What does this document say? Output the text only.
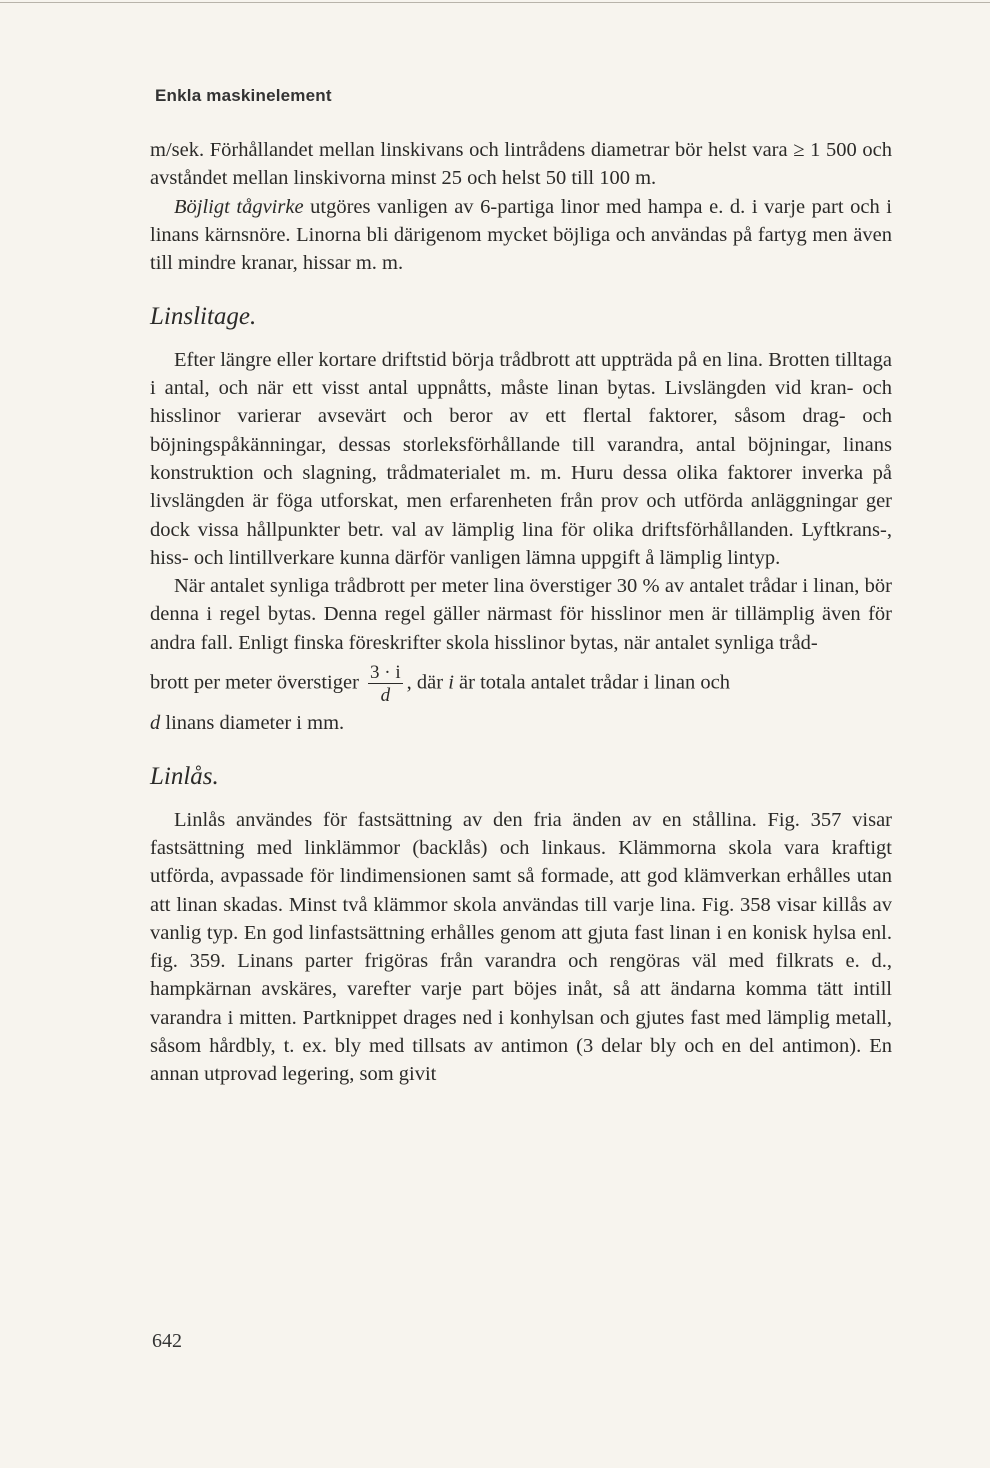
Enkla maskinelement

m/sek. Förhållandet mellan linskivans och lintrådens diametrar bör helst vara ≥ 1 500 och avståndet mellan linskivorna minst 25 och helst 50 till 100 m.

Böjligt tågvirke utgöres vanligen av 6-partiga linor med hampa e. d. i varje part och i linans kärnsnöre. Linorna bli därigenom mycket böjliga och användas på fartyg men även till mindre kranar, hissar m. m.

Linslitage.

Efter längre eller kortare driftstid börja trådbrott att uppträda på en lina. Brotten tilltaga i antal, och när ett visst antal uppnåtts, måste linan bytas. Livslängden vid kran- och hisslinor varierar avsevärt och beror av ett flertal faktorer, såsom drag- och böjningspåkänningar, dessas storleksförhållande till varandra, antal böjningar, linans konstruktion och slagning, trådmaterialet m. m. Huru dessa olika faktorer inverka på livslängden är föga utforskat, men erfarenheten från prov och utförda anläggningar ger dock vissa hållpunkter betr. val av lämplig lina för olika driftsförhållanden. Lyftkrans-, hiss- och lintillverkare kunna därför vanligen lämna uppgift å lämplig lintyp.

När antalet synliga trådbrott per meter lina överstiger 30 % av antalet trådar i linan, bör denna i regel bytas. Denna regel gäller närmast för hisslinor men är tillämplig även för andra fall. Enligt finska föreskrifter skola hisslinor bytas, när antalet synliga tråd-

brott per meter överstiger $\frac{3 \cdot i}{d}$ , där i är totala antalet trådar i linan och

d linans diameter i mm.

Linlås.

Linlås användes för fastsättning av den fria änden av en stållina. Fig. 357 visar fastsättning med linklämmor (backlås) och linkaus. Klämmorna skola vara kraftigt utförda, avpassade för lindimensionen samt så formade, att god klämverkan erhålles utan att linan skadas. Minst två klämmor skola användas till varje lina. Fig. 358 visar killås av vanlig typ. En god linfastsättning erhålles genom att gjuta fast linan i en konisk hylsa enl. fig. 359. Linans parter frigöras från varandra och rengöras väl med filkrats e. d., hampkärnan avskäres, varefter varje part böjes inåt, så att ändarna komma tätt intill varandra i mitten. Partknippet drages ned i konhylsan och gjutes fast med lämplig metall, såsom hårdbly, t. ex. bly med tillsats av antimon (3 delar bly och en del antimon). En annan utprovad legering, som givit

642
